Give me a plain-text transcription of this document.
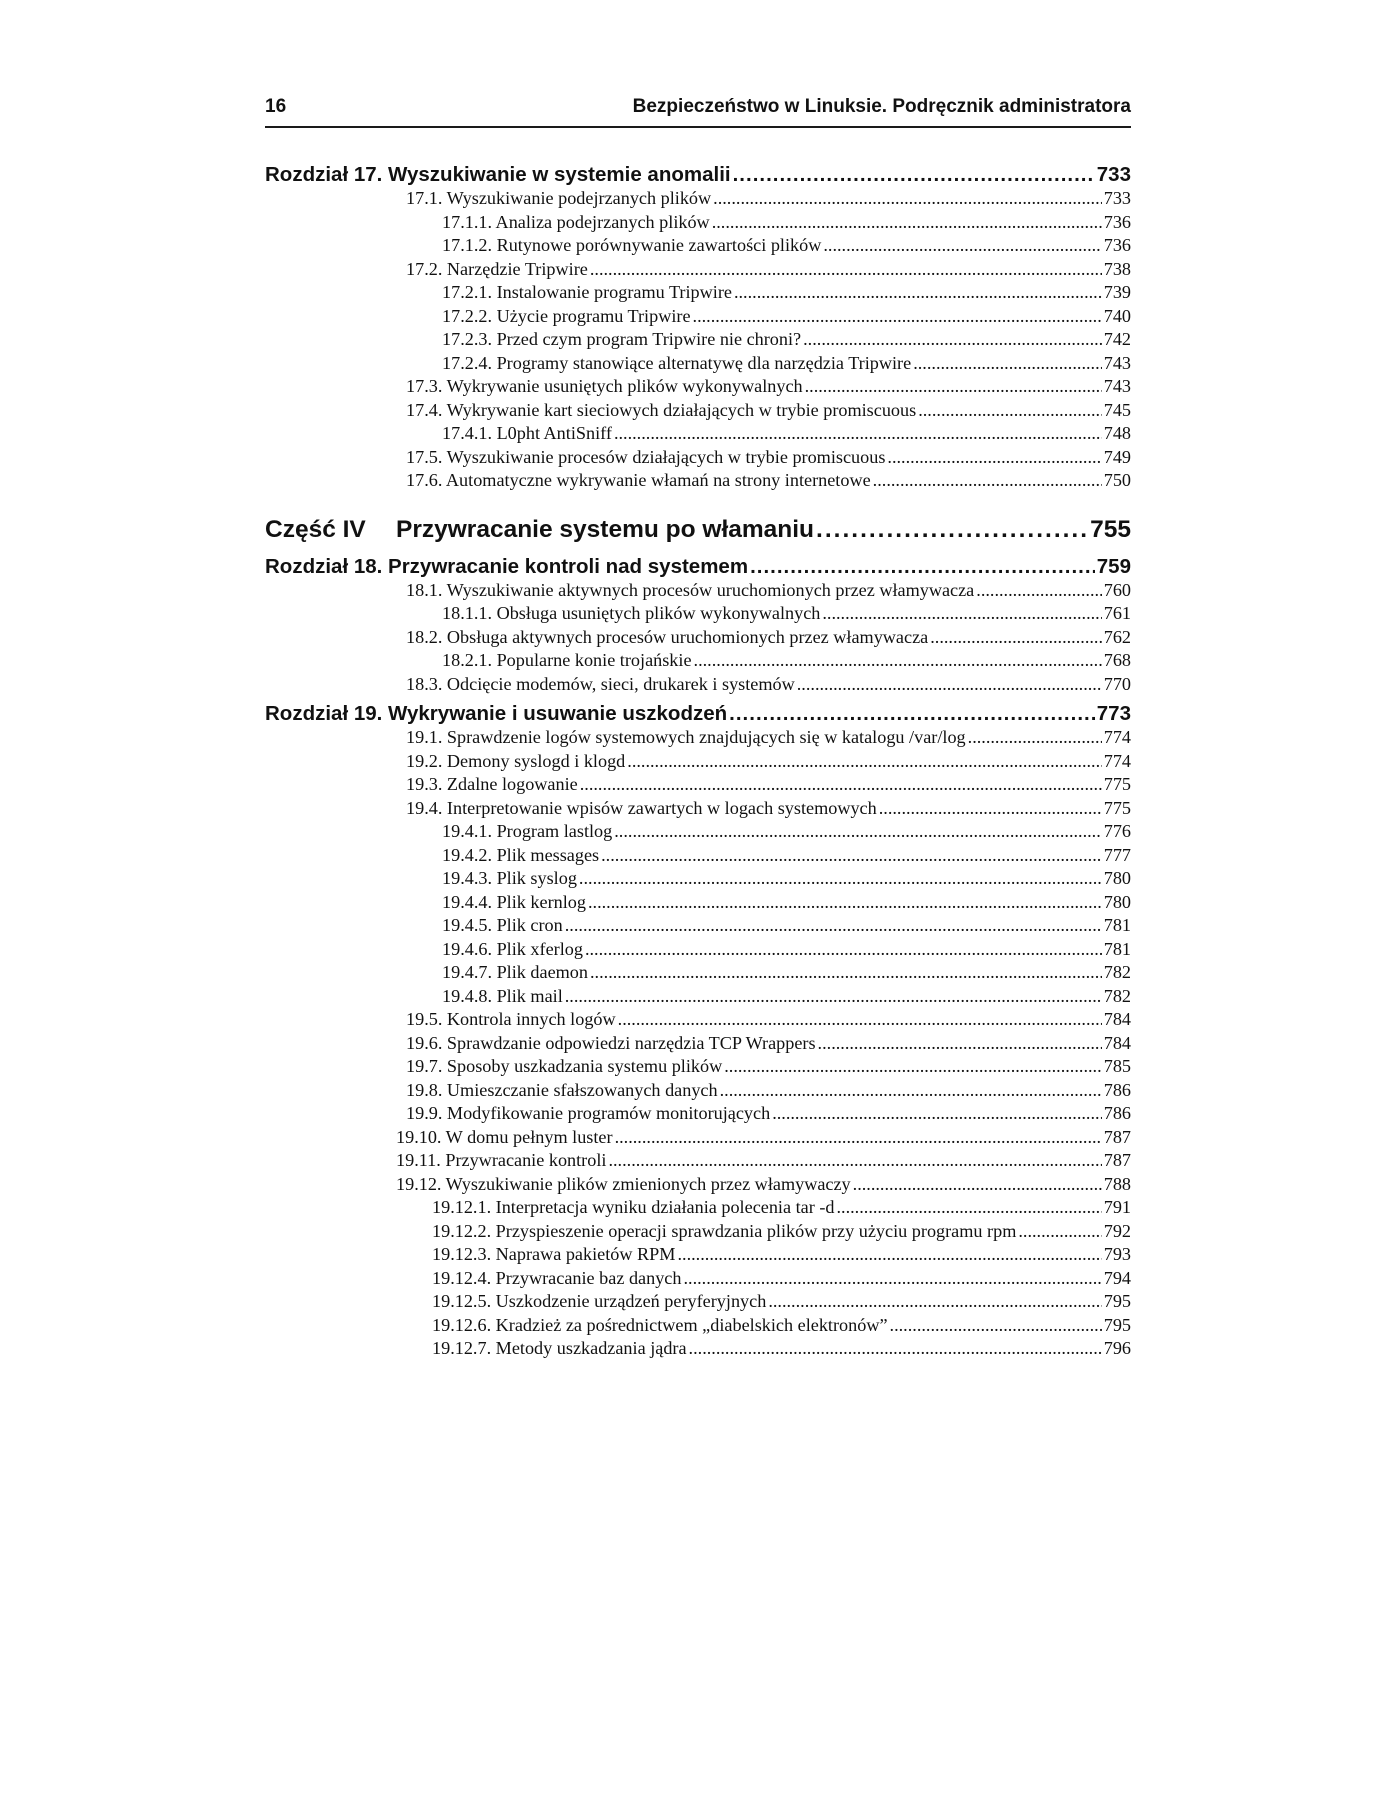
16	Bezpieczeństwo w Linuksie. Podręcznik administratora
Rozdział 17. Wyszukiwanie w systemie anomalii .....	733
17.1. Wyszukiwanie podejrzanych plików .....	733
17.1.1. Analiza podejrzanych plików .....	736
17.1.2. Rutynowe porównywanie zawartości plików .....	736
17.2. Narzędzie Tripwire .....	738
17.2.1. Instalowanie programu Tripwire .....	739
17.2.2. Użycie programu Tripwire .....	740
17.2.3. Przed czym program Tripwire nie chroni? .....	742
17.2.4. Programy stanowiące alternatywę dla narzędzia Tripwire .....	743
17.3. Wykrywanie usuniętych plików wykonywalnych .....	743
17.4. Wykrywanie kart sieciowych działających w trybie promiscuous .....	745
17.4.1. L0pht AntiSniff .....	748
17.5. Wyszukiwanie procesów działających w trybie promiscuous .....	749
17.6. Automatyczne wykrywanie włamań na strony internetowe .....	750
Część IV Przywracanie systemu po włamaniu .....	755
Rozdział 18. Przywracanie kontroli nad systemem .....	759
18.1. Wyszukiwanie aktywnych procesów uruchomionych przez włamywacza .....	760
18.1.1. Obsługa usuniętych plików wykonywalnych .....	761
18.2. Obsługa aktywnych procesów uruchomionych przez włamywacza .....	762
18.2.1. Popularne konie trojańskie .....	768
18.3. Odcięcie modemów, sieci, drukarek i systemów .....	770
Rozdział 19. Wykrywanie i usuwanie uszkodzeń .....	773
19.1. Sprawdzenie logów systemowych znajdujących się w katalogu /var/log .....	774
19.2. Demony syslogd i klogd .....	774
19.3. Zdalne logowanie .....	775
19.4. Interpretowanie wpisów zawartych w logach systemowych .....	775
19.4.1. Program lastlog .....	776
19.4.2. Plik messages .....	777
19.4.3. Plik syslog .....	780
19.4.4. Plik kernlog .....	780
19.4.5. Plik cron .....	781
19.4.6. Plik xferlog .....	781
19.4.7. Plik daemon .....	782
19.4.8. Plik mail .....	782
19.5. Kontrola innych logów .....	784
19.6. Sprawdzanie odpowiedzi narzędzia TCP Wrappers .....	784
19.7. Sposoby uszkadzania systemu plików .....	785
19.8. Umieszczanie sfałszowanych danych .....	786
19.9. Modyfikowanie programów monitorujących .....	786
19.10. W domu pełnym luster .....	787
19.11. Przywracanie kontroli .....	787
19.12. Wyszukiwanie plików zmienionych przez włamywaczy .....	788
19.12.1. Interpretacja wyniku działania polecenia tar -d .....	791
19.12.2. Przyspieszenie operacji sprawdzania plików przy użyciu programu rpm .....	792
19.12.3. Naprawa pakietów RPM .....	793
19.12.4. Przywracanie baz danych .....	794
19.12.5. Uszkodzenie urządzeń peryferyjnych .....	795
19.12.6. Kradzież za pośrednictwem „diabelskich elektronów” .....	795
19.12.7. Metody uszkadzania jądra .....	796
